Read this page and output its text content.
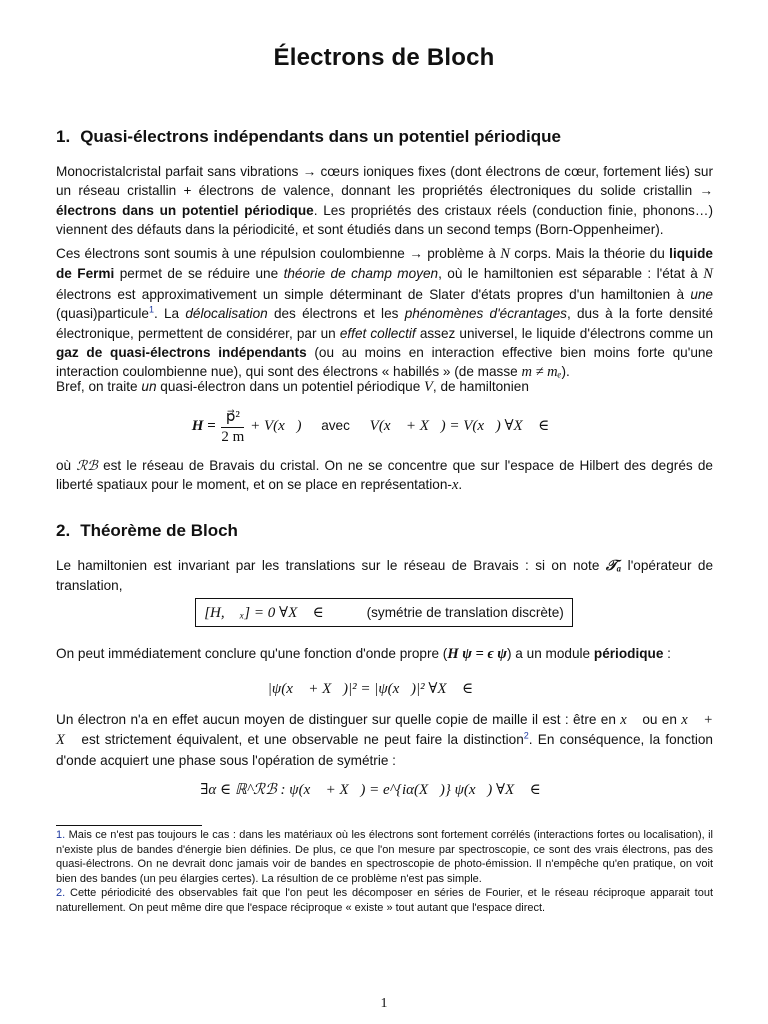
Électrons de Bloch
1. Quasi-électrons indépendants dans un potentiel périodique

Monocristalcristal parfait sans vibrations → cœurs ioniques fixes (dont électrons de cœur, fortement liés) sur un réseau cristallin + électrons de valence, donnant les propriétés électroniques du solide cristallin → électrons dans un potentiel périodique. Les propriétés des cristaux réels (conduction finie, phonons…) viennent des défauts dans la périodicité, et sont étudiés dans un second temps (Born-Oppenheimer).

Ces électrons sont soumis à une répulsion coulombienne → problème à N corps. Mais la théorie du liquide de Fermi permet de se réduire une théorie de champ moyen, où le hamiltonien est séparable : l'état à N électrons est approximativement un simple déterminant de Slater d'états propres d'un hamiltonien à une (quasi)particule$^1$. La délocalisation des électrons et les phénomènes d'écrantages, dus à la forte densité électronique, permettent de considérer, par un effet collectif assez universel, le liquide d'électrons comme un gaz de quasi-électrons indépendants (ou au moins en interaction effective bien moins forte qu'une interaction coulombienne nue), qui sont des électrons « habillés » (de masse m ≠ mₑ).

Bref, on traite un quasi-électron dans un potentiel périodique V, de hamiltonien

$H = \frac{\text{p⃗²}}{2 m}$ + V(x⃗) avec V(x⃗ + X⃗) = V(x⃗) ∀X⃗ ∈ ℛℬ

où ℛℬ est le réseau de Bravais du cristal. On ne se concentre que sur l'espace de Hilbert des degrés de liberté spatiaux pour le moment, et on se place en représentation-x.

2. Théorème de Bloch

Le hamiltonien est invariant par les translations sur le réseau de Bravais : si on note 𝒯ₐ l'opérateur de translation,

[H, 𝒯ₓ] = 0 ∀X⃗ ∈ ℛℬ (symétrie de translation discrète)

On peut immédiatement conclure qu'une fonction d'onde propre (H ψ = ϵ ψ) a un module périodique :

|ψ(x⃗ + X⃗)|² = |ψ(x⃗)|² ∀X⃗ ∈ ℛℬ

Un électron n'a en effet aucun moyen de distinguer sur quelle copie de maille il est : être en x⃗ ou en x⃗ + X⃗ est strictement équivalent, et une observable ne peut faire la distinction$^2$. En conséquence, la fonction d'onde acquiert une phase sous l'opération de symétrie :

∃α ∈ ℝ^ℛℬ : ψ(x⃗ + X⃗) = e^{iα(X⃗)} ψ(x⃗) ∀X⃗ ∈ ℛℬ

1. Mais ce n'est pas toujours le cas : dans les matériaux où les électrons sont fortement corrélés (interactions fortes ou localisation), il n'existe plus de bandes d'énergie bien définies. De plus, ce que l'on mesure par spectroscopie, ce sont des vrais électrons, pas des quasi-électrons. On ne devrait donc jamais voir de bandes en spectroscopie de photo-émission. Il n'empêche qu'en pratique, on voit bien des bandes (un peu élargies certes). La résultion de ce problème n'est pas simple.

2. Cette périodicité des observables fait que l'on peut les décomposer en séries de Fourier, et le réseau réciproque apparait tout naturellement. On peut même dire que l'espace réciproque « existe » tout autant que l'espace direct.

1
